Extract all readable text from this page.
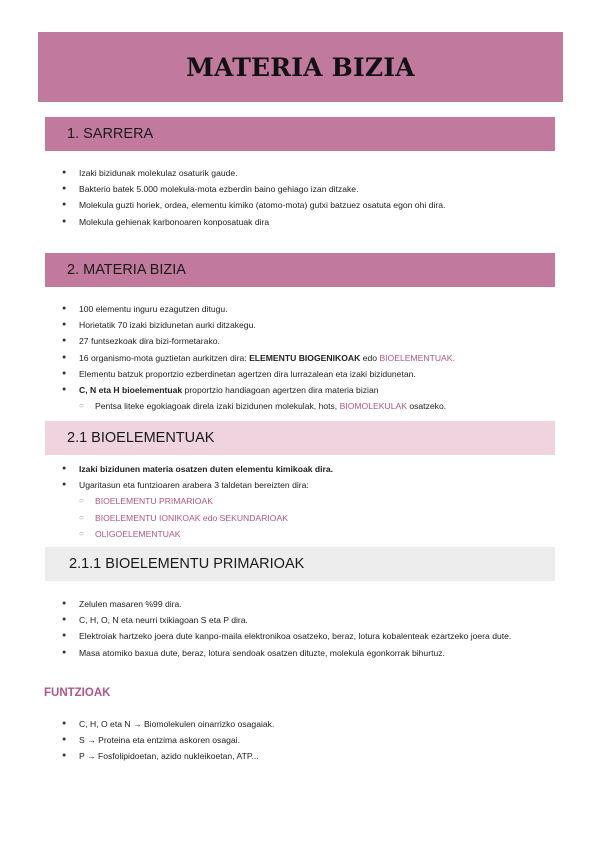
MATERIA BIZIA
1. SARRERA
● Izaki bizidunak molekulaz osaturik gaude.
● Bakterio batek 5.000 molekula-mota ezberdin baino gehiago izan ditzake.
● Molekula guzti horiek, ordea, elementu kimiko (atomo-mota) gutxi batzuez osatuta egon ohi dira.
● Molekula gehienak karbonoaren konposatuak dira
2. MATERIA BIZIA
● 100 elementu inguru ezagutzen ditugu.
● Horietatik 70 izaki bizidunetan aurki ditzakegu.
● 27 funtsezkoak dira bizi-formetarako.
● 16 organismo-mota guztietan aurkitzen dira: ELEMENTU BIOGENIKOAK edo BIOELEMENTUAK.
● Elementu batzuk proportzio ezberdinetan agertzen dira lurrazalean eta izaki bizidunetan.
● C, N eta H bioelementuak proportzio handiagoan agertzen dira materia bizian
○ Pentsa liteke egokiagoak direla izaki bizidunen molekulak, hots, BIOMOLEKULAK osatzeko.
2.1 BIOELEMENTUAK
● Izaki bizidunen materia osatzen duten elementu kimikoak dira.
● Ugaritasun eta funtzioaren arabera 3 taldetan bereizten dira:
○ BIOELEMENTU PRIMARIOAK
○ BIOELEMENTU IONIKOAK edo SEKUNDARIOAK
○ OLIGOELEMENTUAK
2.1.1 BIOELEMENTU PRIMARIOAK
● Zelulen masaren %99 dira.
● C, H, O, N eta neurri txikiagoan S eta P dira.
● Elektroiak hartzeko joera dute kanpo-maila elektronikoa osatzeko, beraz, lotura kobalenteak ezartzeko joera dute.
● Masa atomiko baxua dute, beraz, lotura sendoak osatzen dituzte, molekula egonkorrak bihurtuz.
FUNTZIOAK
● C, H, O eta N → Biomolekulen oinarrizko osagaiak.
● S → Proteina eta entzima askoren osagai.
● P → Fosfolipidoetan, azido nukleikoetan, ATP...
